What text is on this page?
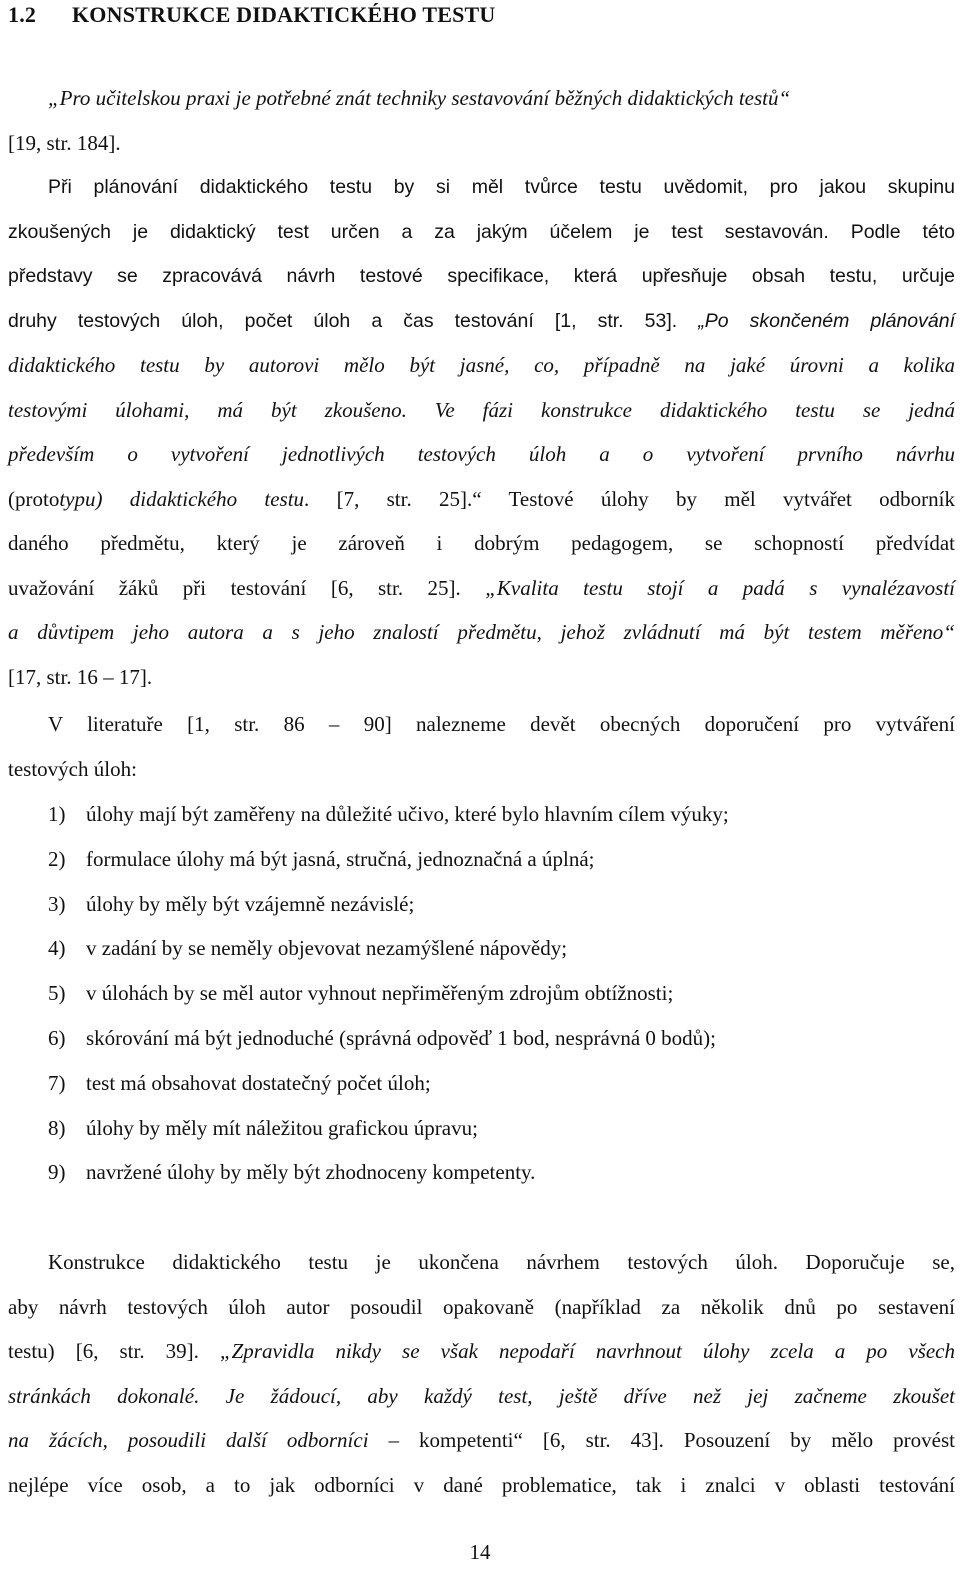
1.2 KONSTRUKCE DIDAKTICKÉHO TESTU
„Pro učitelskou praxi je potřebné znát techniky sestavování běžných didaktických testů“
[19, str. 184].
Při plánování didaktického testu by si měl tvůrce testu uvědomit, pro jakou skupinu
zkoušených je didaktický test určen a za jakým účelem je test sestavován. Podle této
představy se zpracovává návrh testové specifikace, která upřesňuje obsah testu, určuje
druhy testových úloh, počet úloh a čas testování [1, str. 53]. „Po skončeném plánování
didaktického testu by autorovi mělo být jasné, co, případně na jaké úrovni a kolika
testovými úlohami, má být zkoušeno. Ve fázi konstrukce didaktického testu se jedná
především o vytvoření jednotlivých testových úloh a o vytvoření prvního návrhu
(prototypu) didaktického testu. [7, str. 25].“ Testové úlohy by měl vytvářet odborník
daného předmětu, který je zároveň i dobrým pedagogem, se schopností předvídat
uvažování žáků při testování [6, str. 25]. „Kvalita testu stojí a padá s vynalézavostí
a důvtipem jeho autora a s jeho znalostí předmětu, jehož zvládnutí má být testem měřeno“
[17, str. 16 – 17].
V literatuře [1, str. 86 – 90] nalezneme devět obecných doporučení pro vytváření
testových úloh:
1) úlohy mají být zaměřeny na důležité učivo, které bylo hlavním cílem výuky;
2) formulace úlohy má být jasná, stručná, jednoznačná a úplná;
3) úlohy by měly být vzájemně nezávislé;
4) v zadání by se neměly objevovat nezamýšlené nápovědy;
5) v úlohách by se měl autor vyhnout nepřiměřeným zdrojům obtížnosti;
6) skórování má být jednoduché (správná odpověď 1 bod, nesprávná 0 bodů);
7) test má obsahovat dostatečný počet úloh;
8) úlohy by měly mít náležitou grafickou úpravu;
9) navržené úlohy by měly být zhodnoceny kompetenty.
Konstrukce didaktického testu je ukončena návrhem testových úloh. Doporučuje se,
aby návrh testových úloh autor posoudil opakovaně (například za několik dnů po sestavení
testu) [6, str. 39]. „Zpravidla nikdy se však nepodaří navrhnout úlohy zcela a po všech
stránkách dokonalé. Je žádoucí, aby každý test, ještě dříve než jej začneme zkoušet
na žácích, posoudili další odborníci – kompetenti“ [6, str. 43]. Posouzení by mělo provést
nejlépe více osob, a to jak odborníci v dané problematice, tak i znalci v oblasti testování
14
